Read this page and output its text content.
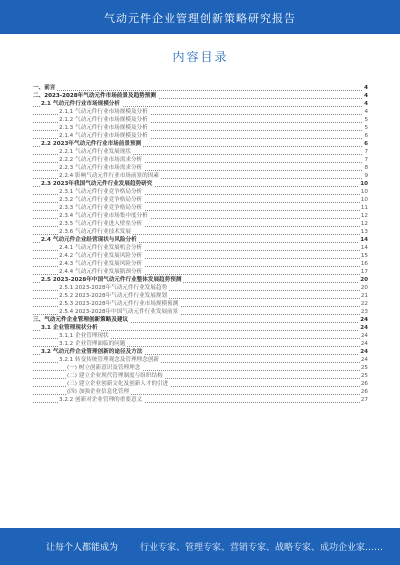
气动元件企业管理创新策略研究报告
内容目录
一、前言	4
二、2023-2028年气动元件市场前景及趋势预测	4
2.1 气动元件行业市场规模分析	4
2.1.1 气动元件行业市场规模及分析	4
2.1.2 气动元件行业市场规模及分析	5
2.1.3 气动元件行业市场规模及分析	5
2.1.4 气动元件行业市场规模及分析	6
2.2 2023年气动元件行业市场前景预测	6
2.2.1 气动元件行业发展现状	7
2.2.2 气动元件行业市场需求分析	7
2.2.3 气动元件行业市场需求分析	8
2.2.4 影响气动元件行业市场前景的因素	9
2.3 2023年我国气动元件行业发展趋势研究	10
2.3.1 气动元件行业竞争格局分析	10
2.3.2 气动元件行业竞争格局分析	10
2.3.3 气动元件行业竞争格局分析	11
2.3.4 气动元件行业市场集中度分析	12
2.3.5 气动元件行业进入壁垒分析	12
2.3.6 气动元件行业技术发展	13
2.4 气动元件企业经营现状与风险分析	14
2.4.1 气动元件行业发展机会分析	14
2.4.2 气动元件行业发展风险分析	15
2.4.3 气动元件行业发展风险分析	16
2.4.4 气动元件行业发展瓶颈分析	17
2.5 2023-2028年中国气动元件行业整体发展趋势预测	20
2.5.1 2023-2028年气动元件行业发展趋势	20
2.5.2 2023-2028年气动元件行业发展规划	21
2.5.3 2023-2028年气动元件行业市场规模预测	22
2.5.4 2023-2028年中国气动元件行业发展前景	23
三、气动元件企业管理创新策略及建议	24
3.1 企业管理现状分析	24
3.1.1 企业管理现状	24
3.1.2 企业管理面临的问题	24
3.2 气动元件企业管理创新的途径及方法	24
3.2.1 转变传统管理观念及管理理念创新	24
(一) 树立创新意识及管理理念	25
(二) 建立企业现代管理制度与组织结构	25
(三) 建立企业创新文化及创新人才的引进	26
(四) 加强企业信息化管理	26
3.2.2 创新对企业管理的重要意义	27
让每个人都能成为 行业专家、管理专家、营销专家、战略专家、成功企业家……
